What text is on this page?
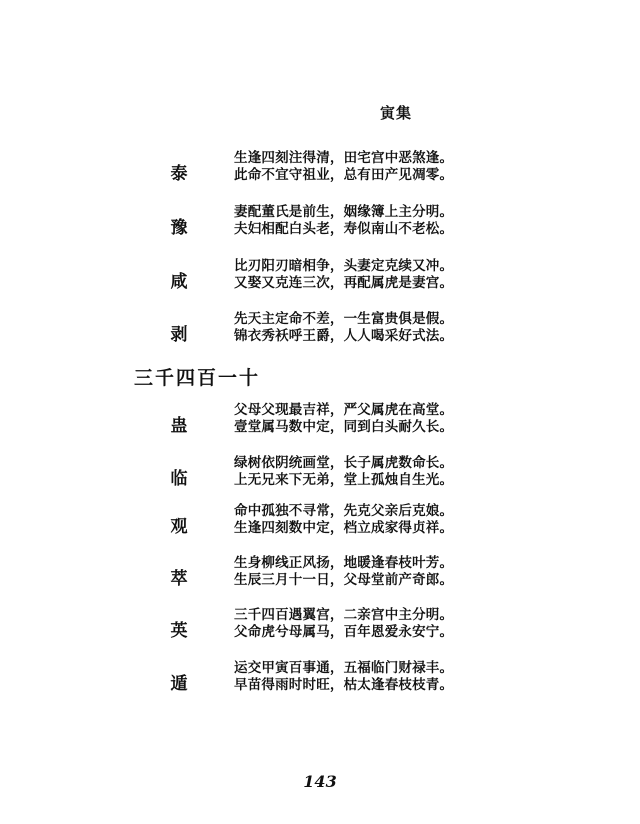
寅集
泰
生逢四刻注得清，田宅宫中恶煞逢。
此命不宜守祖业，总有田产见凋零。
豫
妻配董氏是前生，姻缘簿上主分明。
夫妇相配白头老，寿似南山不老松。
咸
比刃阳刃暗相争，头妻定克续又冲。
又娶又克连三次，再配属虎是妻宫。
剥
先天主定命不差，一生富贵俱是假。
锦衣秀袄呼王爵，人人喝采好式法。
三千四百一十
蛊
父母父现最吉祥，严父属虎在高堂。
壹堂属马数中定，同到白头耐久长。
临
绿树依阴统画堂，长子属虎数命长。
上无兄来下无弟，堂上孤烛自生光。
观
命中孤独不寻常，先克父亲后克娘。
生逢四刻数中定，档立成家得贞祥。
萃
生身柳线正风扬，地暖逢春枝叶芳。
生辰三月十一日，父母堂前产奇郎。
英
三千四百遇翼宫，二亲宫中主分明。
父命虎兮母属马，百年恩爱永安宁。
遁
运交甲寅百事通，五福临门财禄丰。
早苗得雨时时旺，枯太逢春枝枝青。
143
